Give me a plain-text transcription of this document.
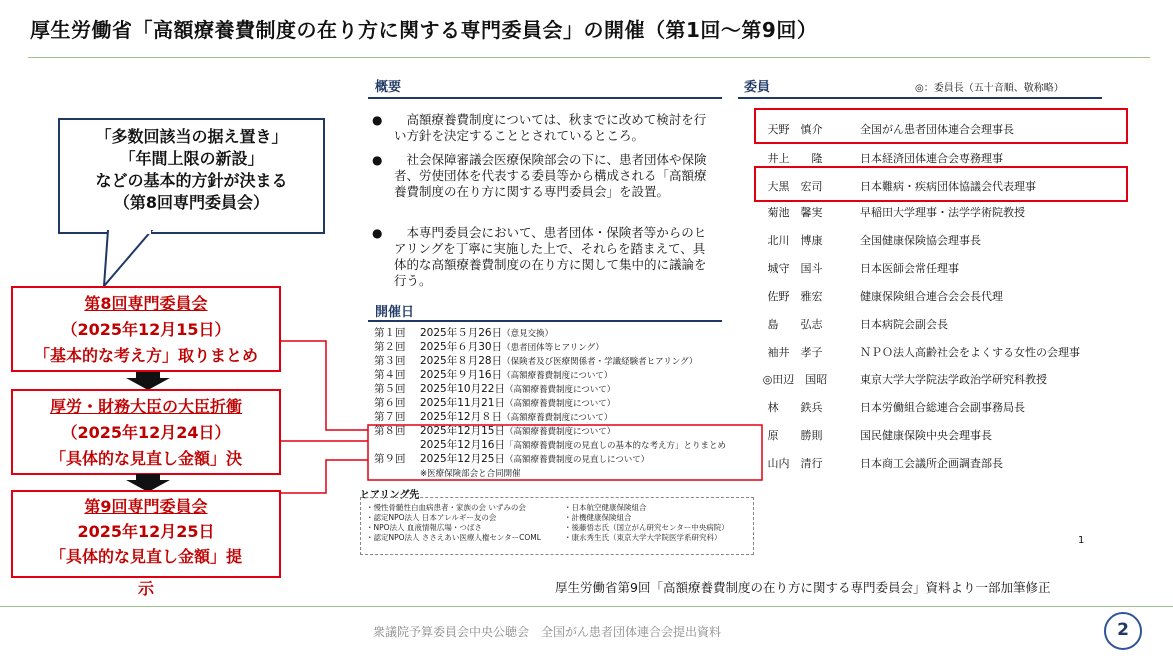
厚生労働省「高額療養費制度の在り方に関する専門委員会」の開催（第1回〜第9回）
「多数回該当の据え置き」
「年間上限の新設」
などの基本的方針が決まる
（第8回専門委員会）
第8回専門委員会
（2025年12月15日）
「基本的な考え方」取りまとめ
厚労・財務大臣の大臣折衝
（2025年12月24日）
「具体的な見直し金額」決
第9回専門委員会
2025年12月25日
「具体的な見直し金額」提
示
概要
● 　高額療養費制度については、秋までに改めて検討を行い方針を決定することとされているところ。
● 　社会保障審議会医療保険部会の下に、患者団体や保険者、労使団体を代表する委員等から構成される「高額療養費制度の在り方に関する専門委員会」を設置。
● 　本専門委員会において、患者団体・保険者等からのヒアリングを丁寧に実施した上で、それらを踏まえて、具体的な高額療養費制度の在り方に関して集中的に議論を行う。
開催日
第１回 2025年５月26日（意見交換）
第２回 2025年６月30日（患者団体等ヒアリング）
第３回 2025年８月28日（保険者及び医療関係者・学識経験者ヒアリング）
第４回 2025年９月16日（高額療養費制度について）
第５回 2025年10月22日（高額療養費制度について）
第６回 2025年11月21日（高額療養費制度について）
第７回 2025年12月８日（高額療養費制度について）
第８回 2025年12月15日（高額療養費制度について）
2025年12月16日「高額療養費制度の見直しの基本的な考え方」とりまとめ
第９回 2025年12月25日（高額療養費制度の見直しについて）
※医療保険部会と合同開催
ヒアリング先
・慢性骨髄性白血病患者・家族の会 いずみの会
・認定NPO法人 日本アレルギー友の会
・NPO法人 血液情報広場・つばさ
・認定NPO法人 ささえあい医療人権センターCOML
・日本航空健康保険組合
・計機健康保険組合
・後藤悟志氏（国立がん研究センター中央病院）
・康永秀生氏（東京大学大学院医学系研究科）	1
委員	◎：委員長（五十音順、敬称略）
天野　慎介	全国がん患者団体連合会理事長
井上　　隆	日本経済団体連合会専務理事
大黒　宏司	日本難病・疾病団体協議会代表理事
菊池　馨実	早稲田大学理事・法学学術院教授
北川　博康	全国健康保険協会理事長
城守　国斗	日本医師会常任理事
佐野　雅宏	健康保険組合連合会会長代理
島　　弘志	日本病院会副会長
袖井　孝子	ＮＰＯ法人高齢社会をよくする女性の会理事
◎田辺　国昭	東京大学大学院法学政治学研究科教授
林　　鉄兵	日本労働組合総連合会副事務局長
原　　勝則	国民健康保険中央会理事長
山内　清行	日本商工会議所企画調査部長
厚生労働省第9回「高額療養費制度の在り方に関する専門委員会」資料より一部加筆修正
衆議院予算委員会中央公聴会　全国がん患者団体連合会提出資料	2
